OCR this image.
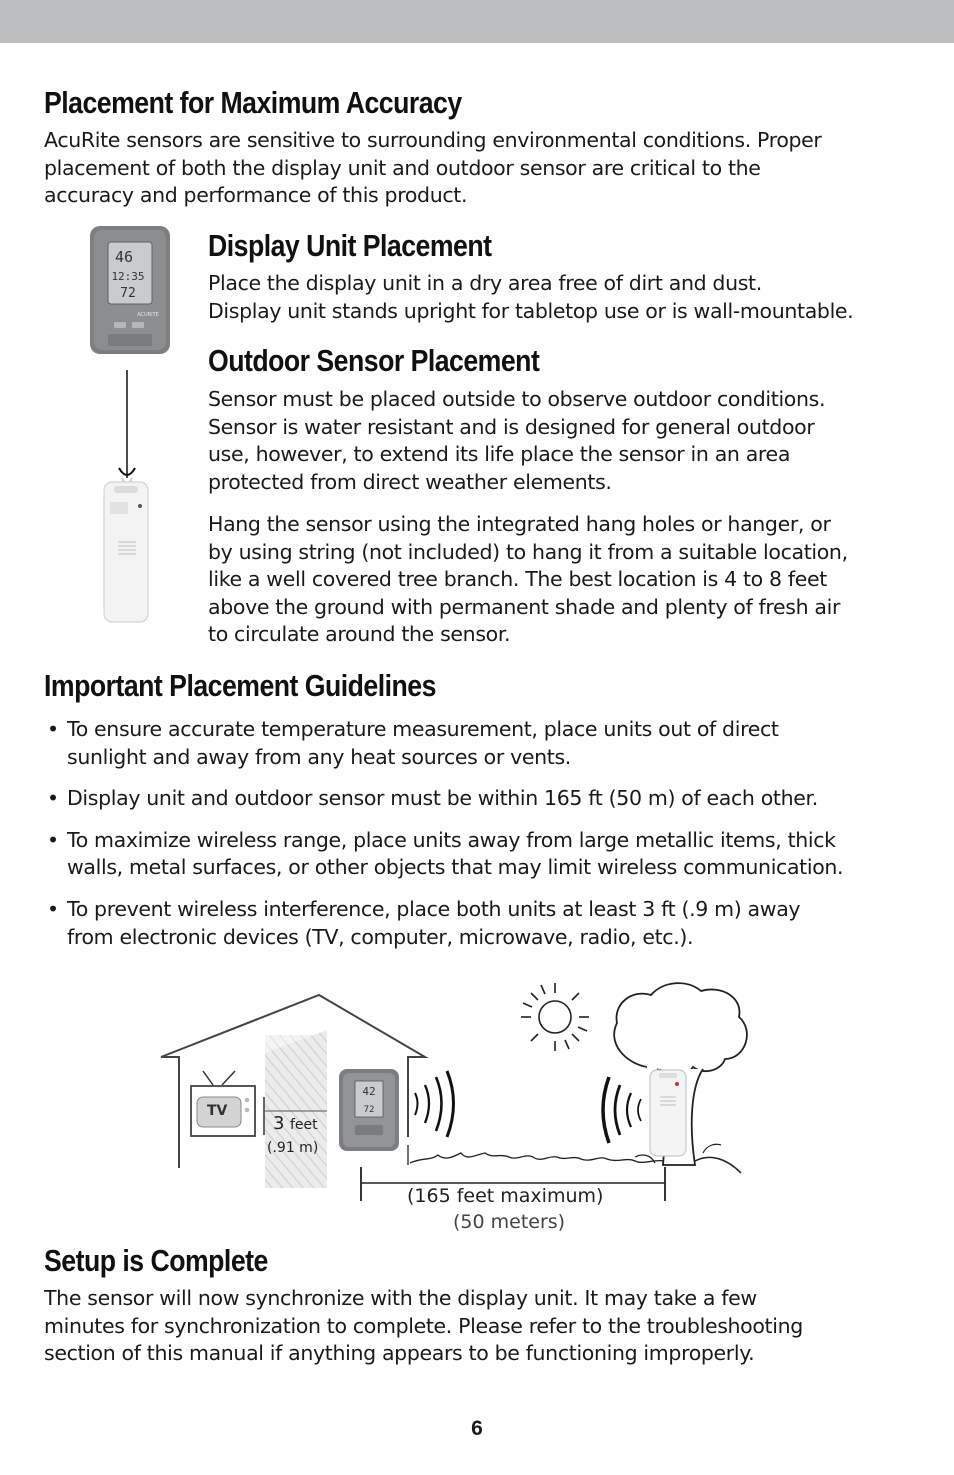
Placement for Maximum Accuracy
AcuRite sensors are sensitive to surrounding environmental conditions. Proper
placement of both the display unit and outdoor sensor are critical to the
accuracy and performance of this product.
46
12:35
72
ACURITE
Display Unit Placement
Place the display unit in a dry area free of dirt and dust.
Display unit stands upright for tabletop use or is wall-mountable.
Outdoor Sensor Placement
Sensor must be placed outside to observe outdoor conditions.
Sensor is water resistant and is designed for general outdoor
use, however, to extend its life place the sensor in an area
protected from direct weather elements.
Hang the sensor using the integrated hang holes or hanger, or
by using string (not included) to hang it from a suitable location,
like a well covered tree branch. The best location is 4 to 8 feet
above the ground with permanent shade and plenty of fresh air
to circulate around the sensor.
Important Placement Guidelines
• To ensure accurate temperature measurement, place units out of direct
sunlight and away from any heat sources or vents.
• Display unit and outdoor sensor must be within 165 ft (50 m) of each other.
• To maximize wireless range, place units away from large metallic items, thick
walls, metal surfaces, or other objects that may limit wireless communication.
• To prevent wireless interference, place both units at least 3 ft (.9 m) away
from electronic devices (TV, computer, microwave, radio, etc.).
42
72
TV
3 feet
(.91 m)
(165 feet maximum)
(50 meters)
Setup is Complete
The sensor will now synchronize with the display unit. It may take a few
minutes for synchronization to complete. Please refer to the troubleshooting
section of this manual if anything appears to be functioning improperly.
6
